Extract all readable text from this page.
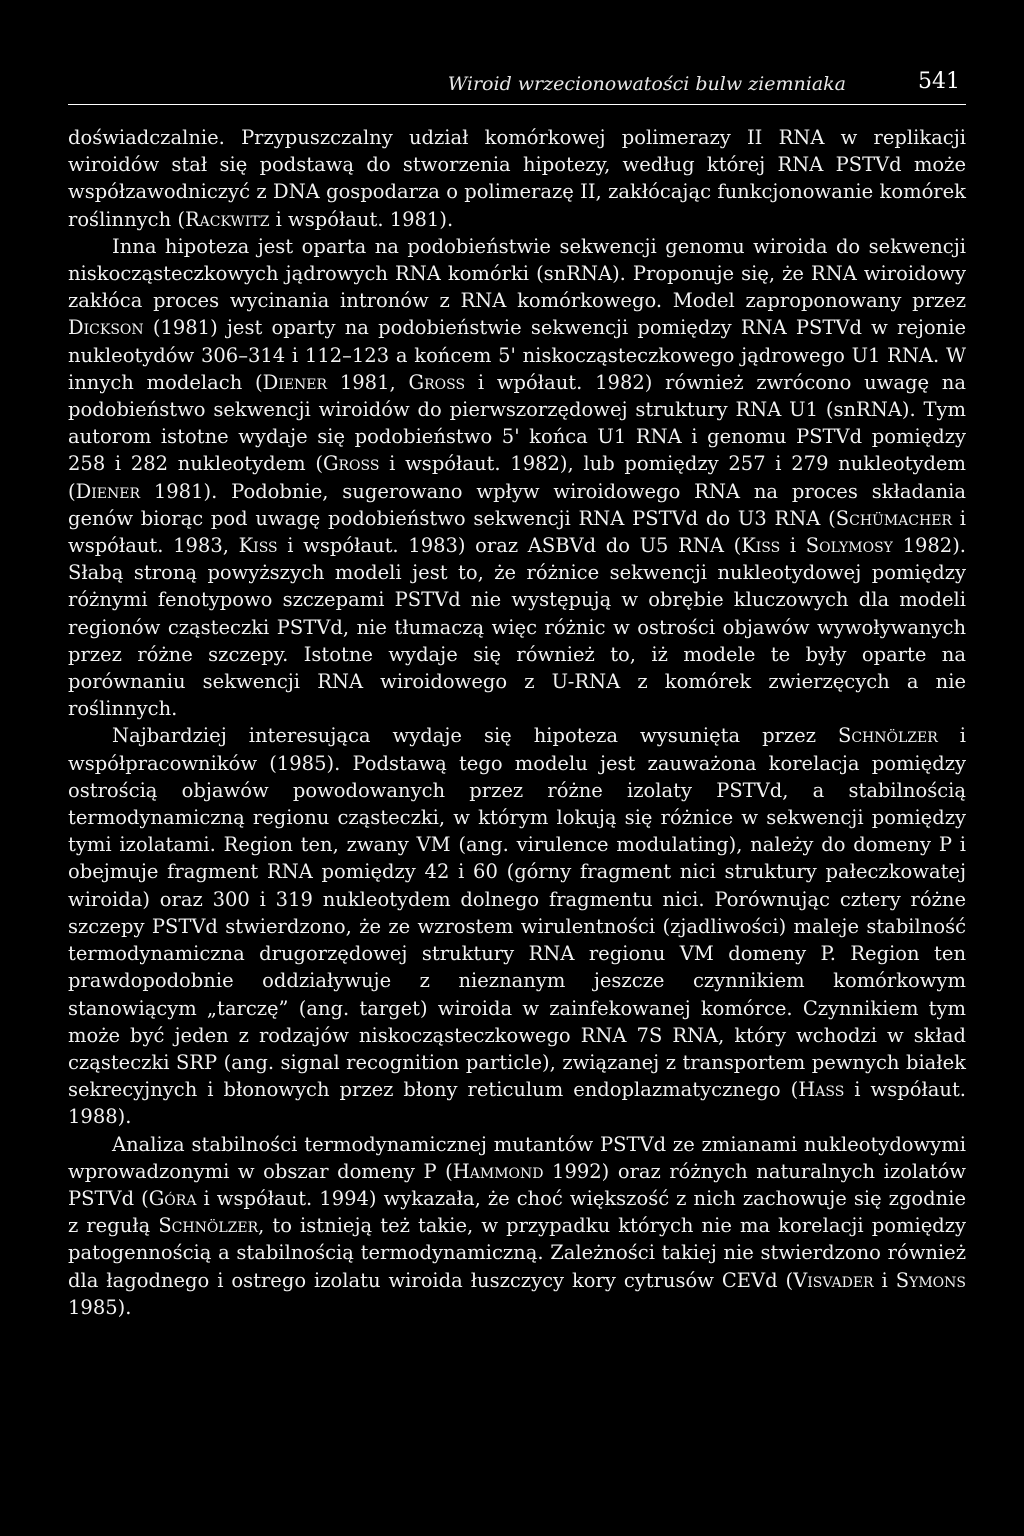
Wiroid wrzecionowatości bulw ziemniaka	541

doświadczalnie. Przypuszczalny udział komórkowej polimerazy II RNA w replikacji wiroidów stał się podstawą do stworzenia hipotezy, według której RNA PSTVd może współzawodniczyć z DNA gospodarza o polimerazę II, zakłócając funkcjonowanie komórek roślinnych (Rackwitz i współaut. 1981).

Inna hipoteza jest oparta na podobieństwie sekwencji genomu wiroida do sekwencji niskocząsteczkowych jądrowych RNA komórki (snRNA). Proponuje się, że RNA wiroidowy zakłóca proces wycinania intronów z RNA komórkowego. Model zaproponowany przez Dickson (1981) jest oparty na podobieństwie sekwencji pomiędzy RNA PSTVd w rejonie nukleotydów 306–314 i 112–123 a końcem 5' niskocząsteczkowego jądrowego U1 RNA. W innych modelach (Diener 1981, Gross i wpółaut. 1982) również zwrócono uwagę na podobieństwo sekwencji wiroidów do pierwszorzędowej struktury RNA U1 (snRNA). Tym autorom istotne wydaje się podobieństwo 5' końca U1 RNA i genomu PSTVd pomiędzy 258 i 282 nukleotydem (Gross i współaut. 1982), lub pomiędzy 257 i 279 nukleotydem (Diener 1981). Podobnie, sugerowano wpływ wiroidowego RNA na proces składania genów biorąc pod uwagę podobieństwo sekwencji RNA PSTVd do U3 RNA (Schümacher i współaut. 1983, Kiss i współaut. 1983) oraz ASBVd do U5 RNA (Kiss i Solymosy 1982). Słabą stroną powyższych modeli jest to, że różnice sekwencji nukleotydowej pomiędzy różnymi fenotypowo szczepami PSTVd nie występują w obrębie kluczowych dla modeli regionów cząsteczki PSTVd, nie tłumaczą więc różnic w ostrości objawów wywoływanych przez różne szczepy. Istotne wydaje się również to, iż modele te były oparte na porównaniu sekwencji RNA wiroidowego z U-RNA z komórek zwierzęcych a nie roślinnych.

Najbardziej interesująca wydaje się hipoteza wysunięta przez Schnölzer i współpracowników (1985). Podstawą tego modelu jest zauważona korelacja pomiędzy ostrością objawów powodowanych przez różne izolaty PSTVd, a stabilnością termodynamiczną regionu cząsteczki, w którym lokują się różnice w sekwencji pomiędzy tymi izolatami. Region ten, zwany VM (ang. virulence modulating), należy do domeny P i obejmuje fragment RNA pomiędzy 42 i 60 (górny fragment nici struktury pałeczkowatej wiroida) oraz 300 i 319 nukleotydem dolnego fragmentu nici. Porównując cztery różne szczepy PSTVd stwierdzono, że ze wzrostem wirulentności (zjadliwości) maleje stabilność termodynamiczna drugorzędowej struktury RNA regionu VM domeny P. Region ten prawdopodobnie oddziaływuje z nieznanym jeszcze czynnikiem komórkowym stanowiącym „tarczę” (ang. target) wiroida w zainfekowanej komórce. Czynnikiem tym może być jeden z rodzajów niskocząsteczkowego RNA 7S RNA, który wchodzi w skład cząsteczki SRP (ang. signal recognition particle), związanej z transportem pewnych białek sekrecyjnych i błonowych przez błony reticulum endoplazmatycznego (Hass i współaut. 1988).

Analiza stabilności termodynamicznej mutantów PSTVd ze zmianami nukleotydowymi wprowadzonymi w obszar domeny P (Hammond 1992) oraz różnych naturalnych izolatów PSTVd (Góra i współaut. 1994) wykazała, że choć większość z nich zachowuje się zgodnie z regułą Schnölzer, to istnieją też takie, w przypadku których nie ma korelacji pomiędzy patogennością a stabilnością termodynamiczną. Zależności takiej nie stwierdzono również dla łagodnego i ostrego izolatu wiroida łuszczycy kory cytrusów CEVd (Visvader i Symons 1985).
